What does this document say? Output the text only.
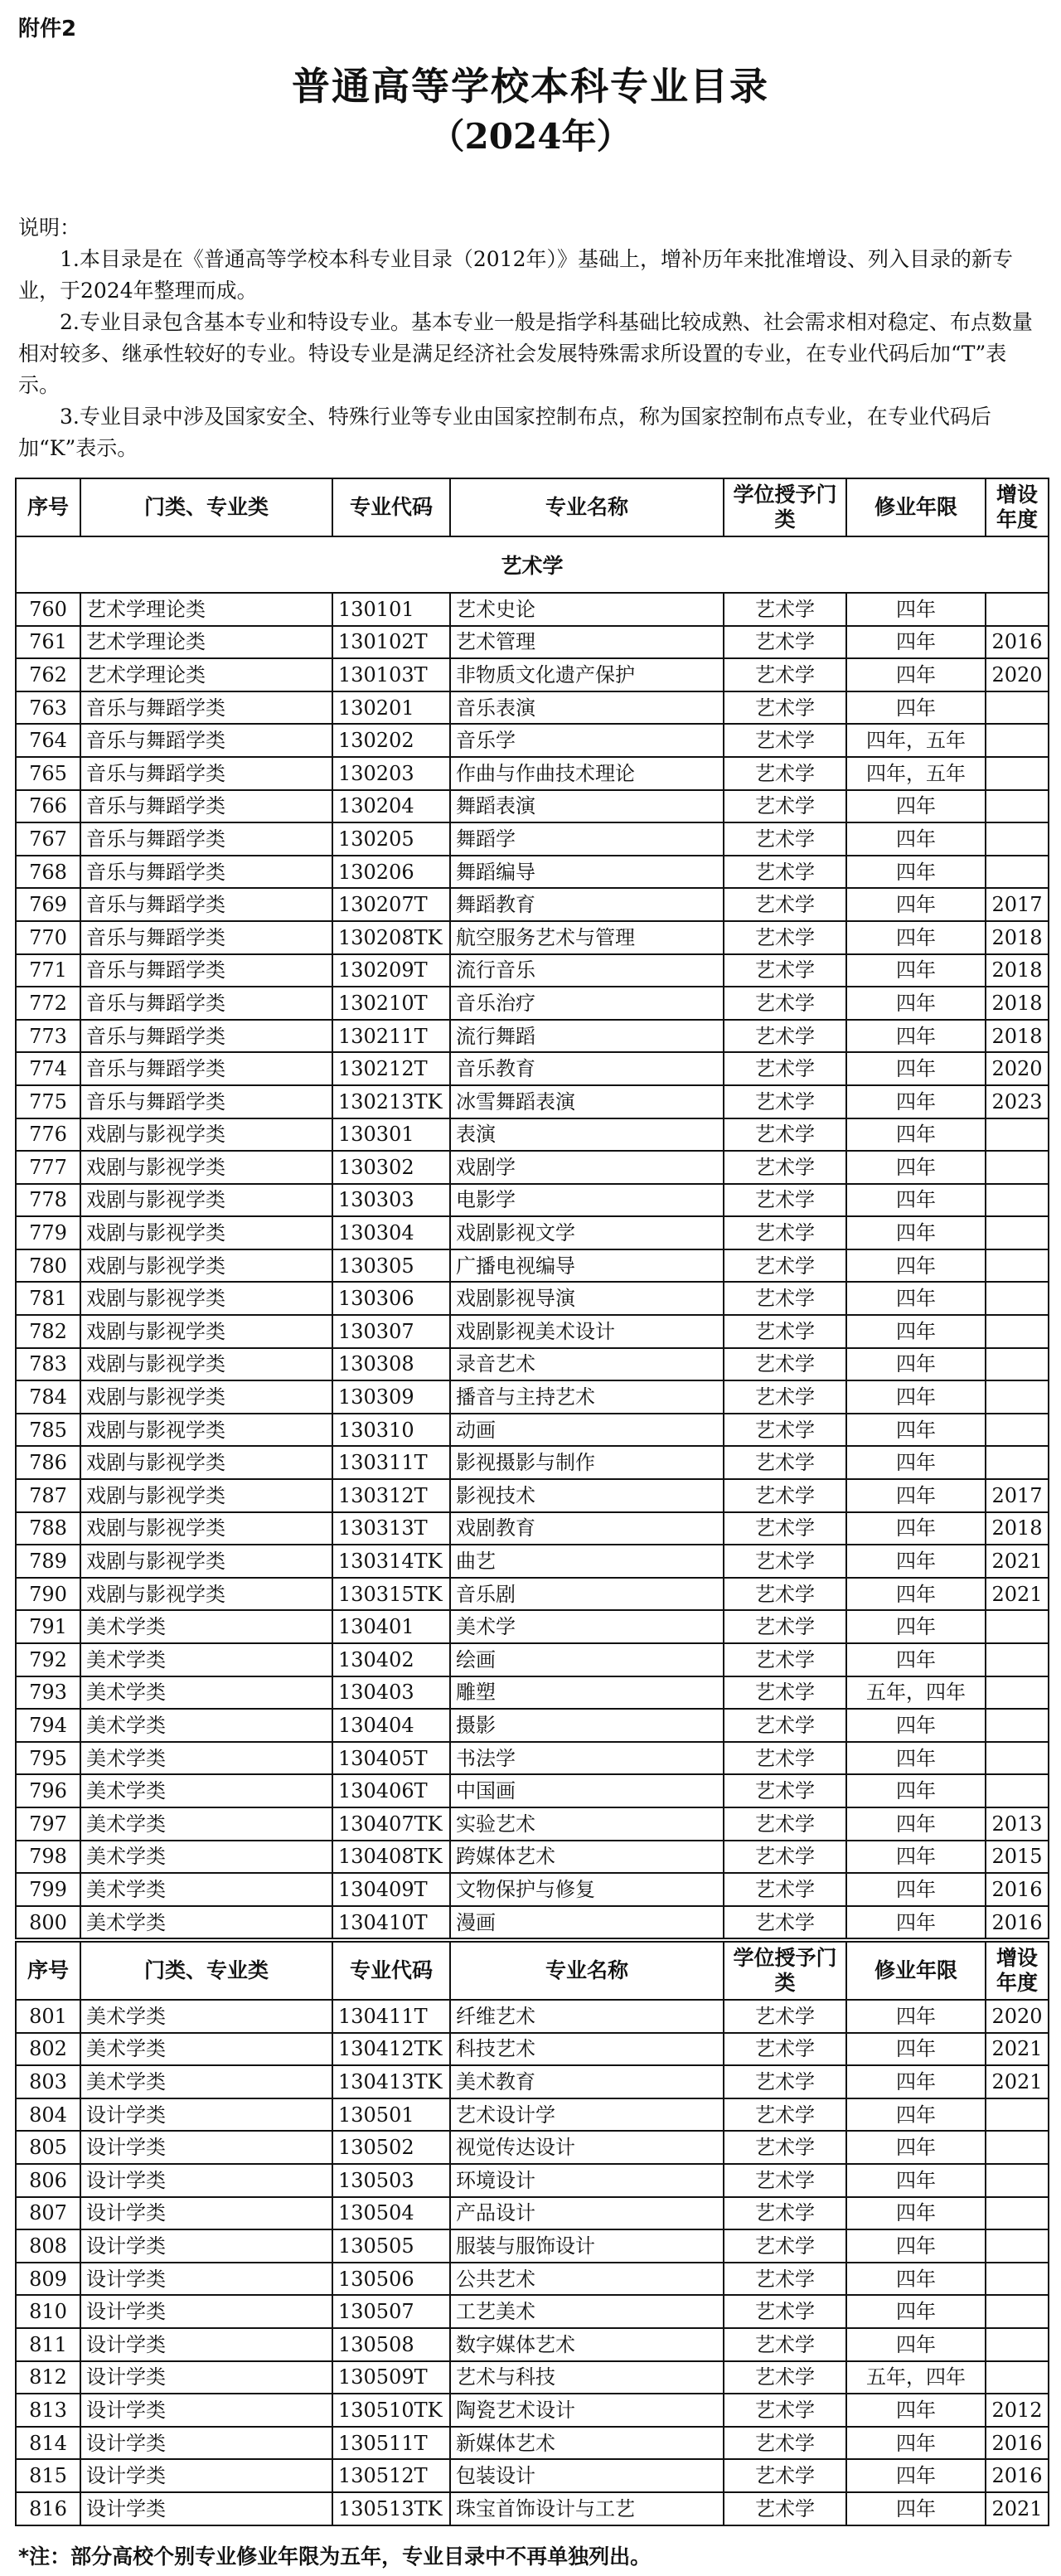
附件2
普通高等学校本科专业目录
（2024年）

说明：

1.本目录是在《普通高等学校本科专业目录（2012年）》基础上，增补历年来批准增设、列入目录的新专业，于2024年整理而成。

2.专业目录包含基本专业和特设专业。基本专业一般是指学科基础比较成熟、社会需求相对稳定、布点数量相对较多、继承性较好的专业。特设专业是满足经济社会发展特殊需求所设置的专业，在专业代码后加“T”表示。

3.专业目录中涉及国家安全、特殊行业等专业由国家控制布点，称为国家控制布点专业，在专业代码后加“K”表示。

序号	门类、专业类	专业代码	专业名称	学位授予门类	修业年限	增设年度
艺术学						
760	艺术学理论类	130101	艺术史论	艺术学	四年	
761	艺术学理论类	130102T	艺术管理	艺术学	四年	2016
762	艺术学理论类	130103T	非物质文化遗产保护	艺术学	四年	2020
763	音乐与舞蹈学类	130201	音乐表演	艺术学	四年	
764	音乐与舞蹈学类	130202	音乐学	艺术学	四年，五年	
765	音乐与舞蹈学类	130203	作曲与作曲技术理论	艺术学	四年，五年	
766	音乐与舞蹈学类	130204	舞蹈表演	艺术学	四年	
767	音乐与舞蹈学类	130205	舞蹈学	艺术学	四年	
768	音乐与舞蹈学类	130206	舞蹈编导	艺术学	四年	
769	音乐与舞蹈学类	130207T	舞蹈教育	艺术学	四年	2017
770	音乐与舞蹈学类	130208TK	航空服务艺术与管理	艺术学	四年	2018
771	音乐与舞蹈学类	130209T	流行音乐	艺术学	四年	2018
772	音乐与舞蹈学类	130210T	音乐治疗	艺术学	四年	2018
773	音乐与舞蹈学类	130211T	流行舞蹈	艺术学	四年	2018
774	音乐与舞蹈学类	130212T	音乐教育	艺术学	四年	2020
775	音乐与舞蹈学类	130213TK	冰雪舞蹈表演	艺术学	四年	2023
776	戏剧与影视学类	130301	表演	艺术学	四年	
777	戏剧与影视学类	130302	戏剧学	艺术学	四年	
778	戏剧与影视学类	130303	电影学	艺术学	四年	
779	戏剧与影视学类	130304	戏剧影视文学	艺术学	四年	
780	戏剧与影视学类	130305	广播电视编导	艺术学	四年	
781	戏剧与影视学类	130306	戏剧影视导演	艺术学	四年	
782	戏剧与影视学类	130307	戏剧影视美术设计	艺术学	四年	
783	戏剧与影视学类	130308	录音艺术	艺术学	四年	
784	戏剧与影视学类	130309	播音与主持艺术	艺术学	四年	
785	戏剧与影视学类	130310	动画	艺术学	四年	
786	戏剧与影视学类	130311T	影视摄影与制作	艺术学	四年	
787	戏剧与影视学类	130312T	影视技术	艺术学	四年	2017
788	戏剧与影视学类	130313T	戏剧教育	艺术学	四年	2018
789	戏剧与影视学类	130314TK	曲艺	艺术学	四年	2021
790	戏剧与影视学类	130315TK	音乐剧	艺术学	四年	2021
791	美术学类	130401	美术学	艺术学	四年	
792	美术学类	130402	绘画	艺术学	四年	
793	美术学类	130403	雕塑	艺术学	五年，四年	
794	美术学类	130404	摄影	艺术学	四年	
795	美术学类	130405T	书法学	艺术学	四年	
796	美术学类	130406T	中国画	艺术学	四年	
797	美术学类	130407TK	实验艺术	艺术学	四年	2013
798	美术学类	130408TK	跨媒体艺术	艺术学	四年	2015
799	美术学类	130409T	文物保护与修复	艺术学	四年	2016
800	美术学类	130410T	漫画	艺术学	四年	2016
序号	门类、专业类	专业代码	专业名称	学位授予门类	修业年限	增设年度
801	美术学类	130411T	纤维艺术	艺术学	四年	2020
802	美术学类	130412TK	科技艺术	艺术学	四年	2021
803	美术学类	130413TK	美术教育	艺术学	四年	2021
804	设计学类	130501	艺术设计学	艺术学	四年	
805	设计学类	130502	视觉传达设计	艺术学	四年	
806	设计学类	130503	环境设计	艺术学	四年	
807	设计学类	130504	产品设计	艺术学	四年	
808	设计学类	130505	服装与服饰设计	艺术学	四年	
809	设计学类	130506	公共艺术	艺术学	四年	
810	设计学类	130507	工艺美术	艺术学	四年	
811	设计学类	130508	数字媒体艺术	艺术学	四年	
812	设计学类	130509T	艺术与科技	艺术学	五年，四年	
813	设计学类	130510TK	陶瓷艺术设计	艺术学	四年	2012
814	设计学类	130511T	新媒体艺术	艺术学	四年	2016
815	设计学类	130512T	包装设计	艺术学	四年	2016
816	设计学类	130513TK	珠宝首饰设计与工艺	艺术学	四年	2021
*注：部分高校个别专业修业年限为五年，专业目录中不再单独列出。
